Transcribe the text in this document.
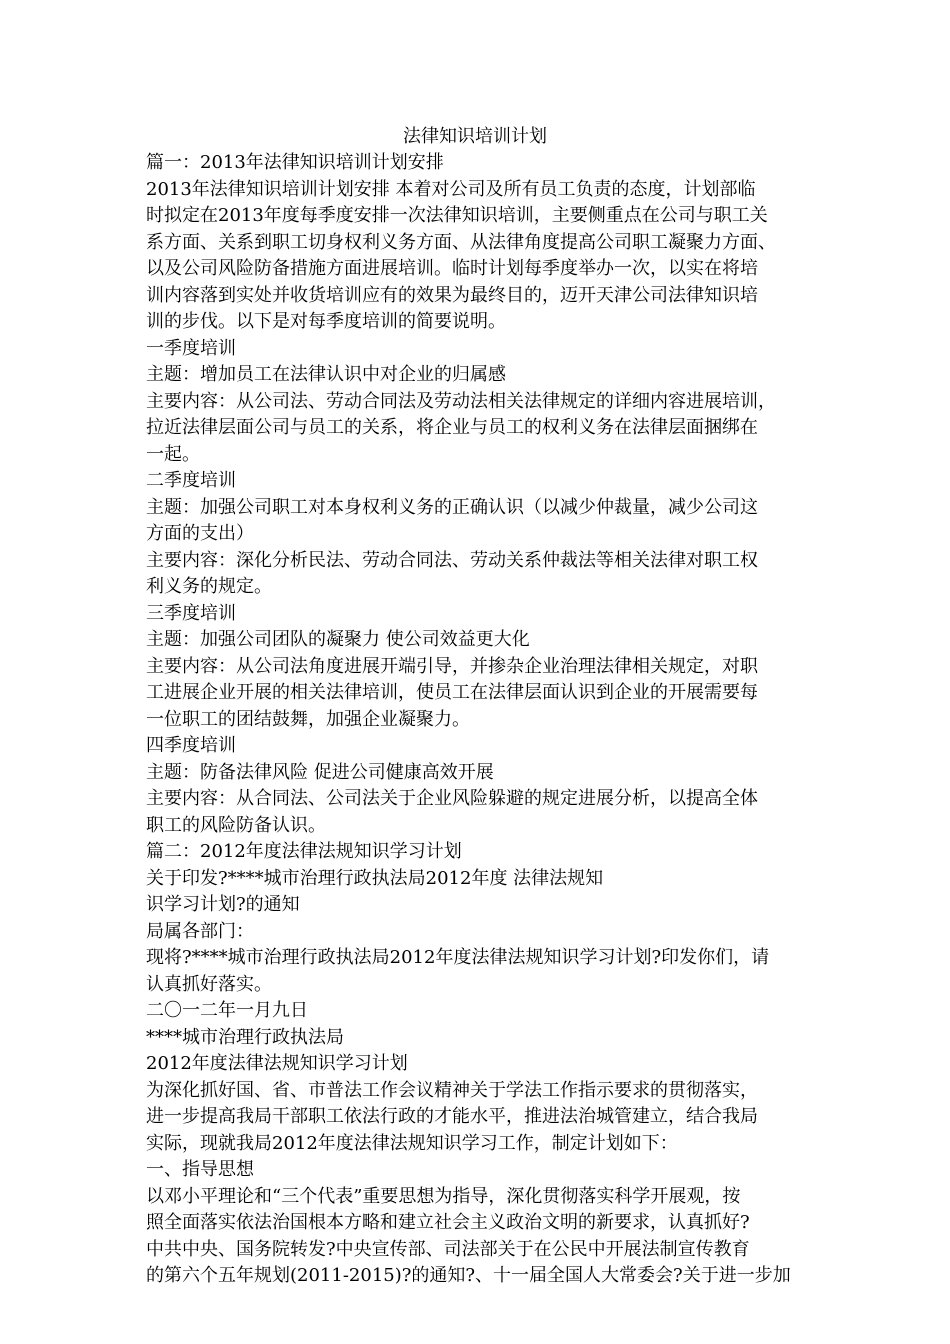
法律知识培训计划
篇一：2013年法律知识培训计划安排
2013年法律知识培训计划安排 本着对公司及所有员工负责的态度，计划部临
时拟定在2013年度每季度安排一次法律知识培训，主要侧重点在公司与职工关
系方面、关系到职工切身权利义务方面、从法律角度提高公司职工凝聚力方面、
以及公司风险防备措施方面进展培训。临时计划每季度举办一次，以实在将培
训内容落到实处并收货培训应有的效果为最终目的，迈开天津公司法律知识培
训的步伐。以下是对每季度培训的简要说明。
一季度培训
主题：增加员工在法律认识中对企业的归属感
主要内容：从公司法、劳动合同法及劳动法相关法律规定的详细内容进展培训，
拉近法律层面公司与员工的关系，将企业与员工的权利义务在法律层面捆绑在
一起。
二季度培训
主题：加强公司职工对本身权利义务的正确认识（以减少仲裁量，减少公司这
方面的支出）
主要内容：深化分析民法、劳动合同法、劳动关系仲裁法等相关法律对职工权
利义务的规定。
三季度培训
主题：加强公司团队的凝聚力 使公司效益更大化
主要内容：从公司法角度进展开端引导，并掺杂企业治理法律相关规定，对职
工进展企业开展的相关法律培训，使员工在法律层面认识到企业的开展需要每
一位职工的团结鼓舞，加强企业凝聚力。
四季度培训
主题：防备法律风险 促进公司健康高效开展
主要内容：从合同法、公司法关于企业风险躲避的规定进展分析，以提高全体
职工的风险防备认识。
篇二：2012年度法律法规知识学习计划
关于印发?****城市治理行政执法局2012年度 法律法规知
识学习计划?的通知
局属各部门：
现将?****城市治理行政执法局2012年度法律法规知识学习计划?印发你们，请
认真抓好落实。
二〇一二年一月九日
****城市治理行政执法局
2012年度法律法规知识学习计划
为深化抓好国、省、市普法工作会议精神关于学法工作指示要求的贯彻落实，
进一步提高我局干部职工依法行政的才能水平，推进法治城管建立，结合我局
实际，现就我局2012年度法律法规知识学习工作，制定计划如下：
一、指导思想
以邓小平理论和“三个代表”重要思想为指导，深化贯彻落实科学开展观，按
照全面落实依法治国根本方略和建立社会主义政治文明的新要求，认真抓好?
中共中央、国务院转发?中央宣传部、司法部关于在公民中开展法制宣传教育
的第六个五年规划(2011-2015)?的通知?、十一届全国人大常委会?关于进一步加
